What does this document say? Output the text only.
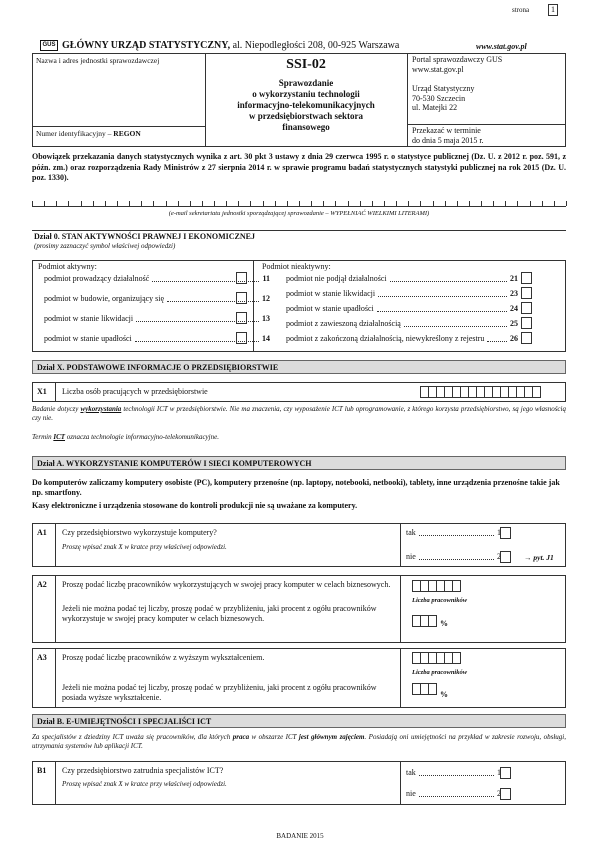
strona	1
GUS GŁÓWNY URZĄD STATYSTYCZNY, al. Niepodległości 208, 00-925 Warszawa	www.stat.gov.pl
Nazwa i adres jednostki sprawozdawczej
Numer identyfikacyjny – REGON
SSI-02
Sprawozdanie
o wykorzystaniu technologii
informacyjno-telekomunikacyjnych
w przedsiębiorstwach sektora
finansowego
Portal sprawozdawczy GUS
www.stat.gov.pl
Urząd Statystyczny
70-530 Szczecin
ul. Matejki 22
Przekazać w terminie
do dnia 5 maja 2015 r.
Obowiązek przekazania danych statystycznych wynika z art. 30 pkt 3 ustawy z dnia 29 czerwca 1995 r. o statystyce publicznej (Dz. U. z 2012 r. poz. 591, z późn. zm.) oraz rozporządzenia Rady Ministrów z 27 sierpnia 2014 r. w sprawie programu badań statystycznych statystyki publicznej na rok 2015 (Dz. U. poz. 1330).
(e-mail sekretariatu jednostki sporządzającej sprawozdanie – WYPEŁNIAĆ WIELKIMI LITERAMI)
Dział 0. STAN AKTYWNOŚCI PRAWNEJ I EKONOMICZNEJ
(prosimy zaznaczyć symbol właściwej odpowiedzi)
Podmiot aktywny:
podmiot prowadzący działalność	11
podmiot w budowie, organizujący się	12
podmiot w stanie likwidacji	13
podmiot w stanie upadłości	14
Podmiot nieaktywny:
podmiot nie podjął działalności	21
podmiot w stanie likwidacji	23
podmiot w stanie upadłości	24
podmiot z zawieszoną działalnością	25
podmiot z zakończoną działalnością, niewykreślony z rejestru	26
Dział X. PODSTAWOWE INFORMACJE O PRZEDSIĘBIORSTWIE
X1 Liczba osób pracujących w przedsiębiorstwie
Badanie dotyczy wykorzystania technologii ICT w przedsiębiorstwie. Nie ma znaczenia, czy wyposażenie ICT lub oprogramowanie, z którego korzysta przedsiębiorstwo, są jego własnością czy nie.
Termin ICT oznacza technologie informacyjno-telekomunikacyjne.
Dział A. WYKORZYSTANIE KOMPUTERÓW I SIECI KOMPUTEROWYCH
Do komputerów zaliczamy komputery osobiste (PC), komputery przenośne (np. laptopy, notebooki, netbooki), tablety, inne urządzenia przenośne takie jak np. smartfony.
Kasy elektroniczne i urządzenia stosowane do kontroli produkcji nie są uważane za komputery.
A1 Czy przedsiębiorstwo wykorzystuje komputery?
Proszę wpisać znak X w kratce przy właściwej odpowiedzi.
tak	1
nie	2	→ pyt. J1
A2 Proszę podać liczbę pracowników wykorzystujących w swojej pracy komputer w celach biznesowych.
Jeżeli nie można podać tej liczby, proszę podać w przybliżeniu, jaki procent z ogółu pracowników wykorzystuje w swojej pracy komputer w celach biznesowych.
Liczba pracowników
%
A3 Proszę podać liczbę pracowników z wyższym wykształceniem.
Jeżeli nie można podać tej liczby, proszę podać w przybliżeniu, jaki procent z ogółu pracowników posiada wyższe wykształcenie.
Liczba pracowników
%
Dział B. E-UMIEJĘTNOŚCI I SPECJALIŚCI ICT
Za specjalistów z dziedziny ICT uważa się pracowników, dla których praca w obszarze ICT jest głównym zajęciem. Posiadają oni umiejętności na przykład w zakresie rozwoju, obsługi, utrzymania systemów lub aplikacji ICT.
B1 Czy przedsiębiorstwo zatrudnia specjalistów ICT?
Proszę wpisać znak X w kratce przy właściwej odpowiedzi.
tak	1
nie	2
BADANIE 2015
